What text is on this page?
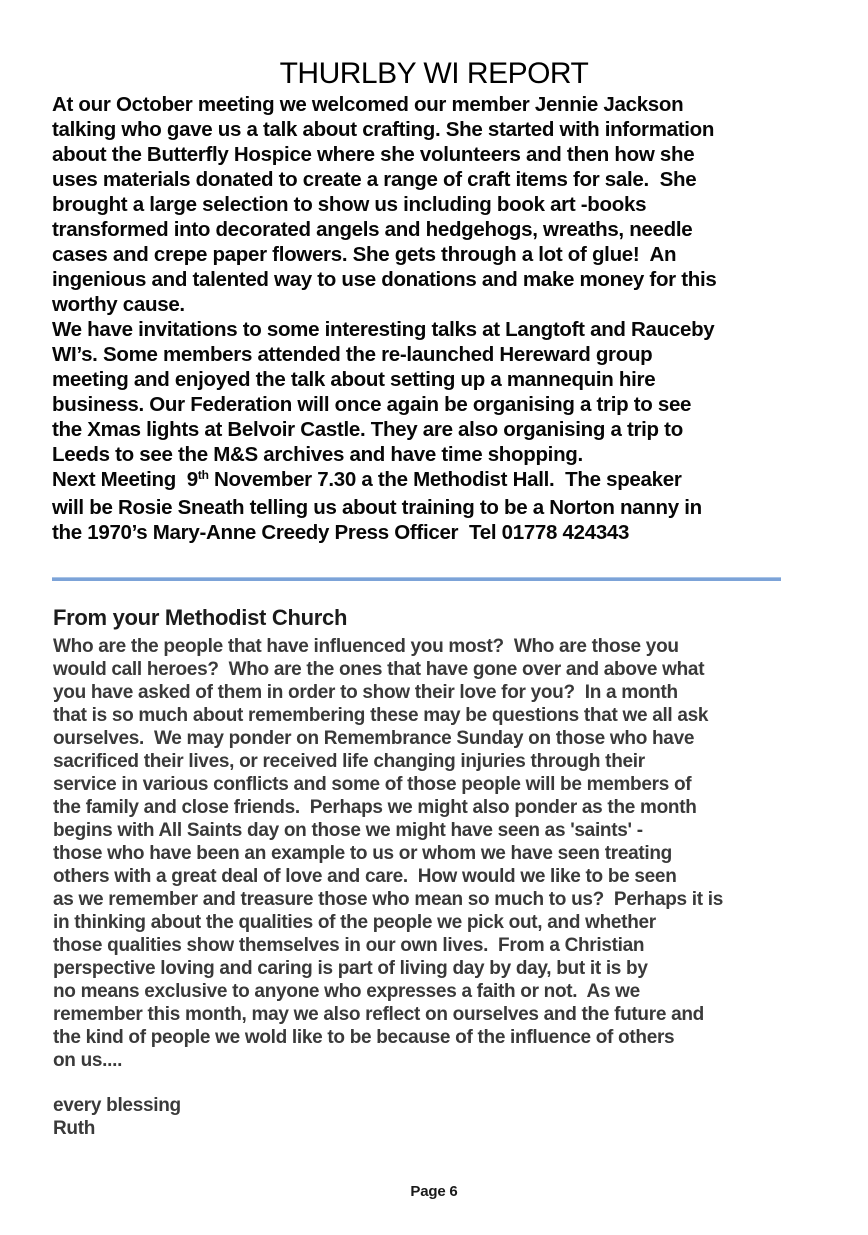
THURLBY WI REPORT
At our October meeting we welcomed our member Jennie Jackson
talking who gave us a talk about crafting. She started with information
about the Butterfly Hospice where she volunteers and then how she
uses materials donated to create a range of craft items for sale.  She
brought a large selection to show us including book art -books
transformed into decorated angels and hedgehogs, wreaths, needle
cases and crepe paper flowers. She gets through a lot of glue!  An
ingenious and talented way to use donations and make money for this
worthy cause.
We have invitations to some interesting talks at Langtoft and Rauceby
WI’s. Some members attended the re-launched Hereward group
meeting and enjoyed the talk about setting up a mannequin hire
business. Our Federation will once again be organising a trip to see
the Xmas lights at Belvoir Castle. They are also organising a trip to
Leeds to see the M&S archives and have time shopping.
Next Meeting  9th November 7.30 a the Methodist Hall.  The speaker
will be Rosie Sneath telling us about training to be a Norton nanny in
the 1970’s Mary-Anne Creedy Press Officer  Tel 01778 424343
From your Methodist Church
Who are the people that have influenced you most?  Who are those you
would call heroes?  Who are the ones that have gone over and above what
you have asked of them in order to show their love for you?  In a month
that is so much about remembering these may be questions that we all ask
ourselves.  We may ponder on Remembrance Sunday on those who have
sacrificed their lives, or received life changing injuries through their
service in various conflicts and some of those people will be members of
the family and close friends.  Perhaps we might also ponder as the month
begins with All Saints day on those we might have seen as 'saints' -
those who have been an example to us or whom we have seen treating
others with a great deal of love and care.  How would we like to be seen
as we remember and treasure those who mean so much to us?  Perhaps it is
in thinking about the qualities of the people we pick out, and whether
those qualities show themselves in our own lives.  From a Christian
perspective loving and caring is part of living day by day, but it is by
no means exclusive to anyone who expresses a faith or not.  As we
remember this month, may we also reflect on ourselves and the future and
the kind of people we wold like to be because of the influence of others
on us....
every blessing
Ruth
Page 6
